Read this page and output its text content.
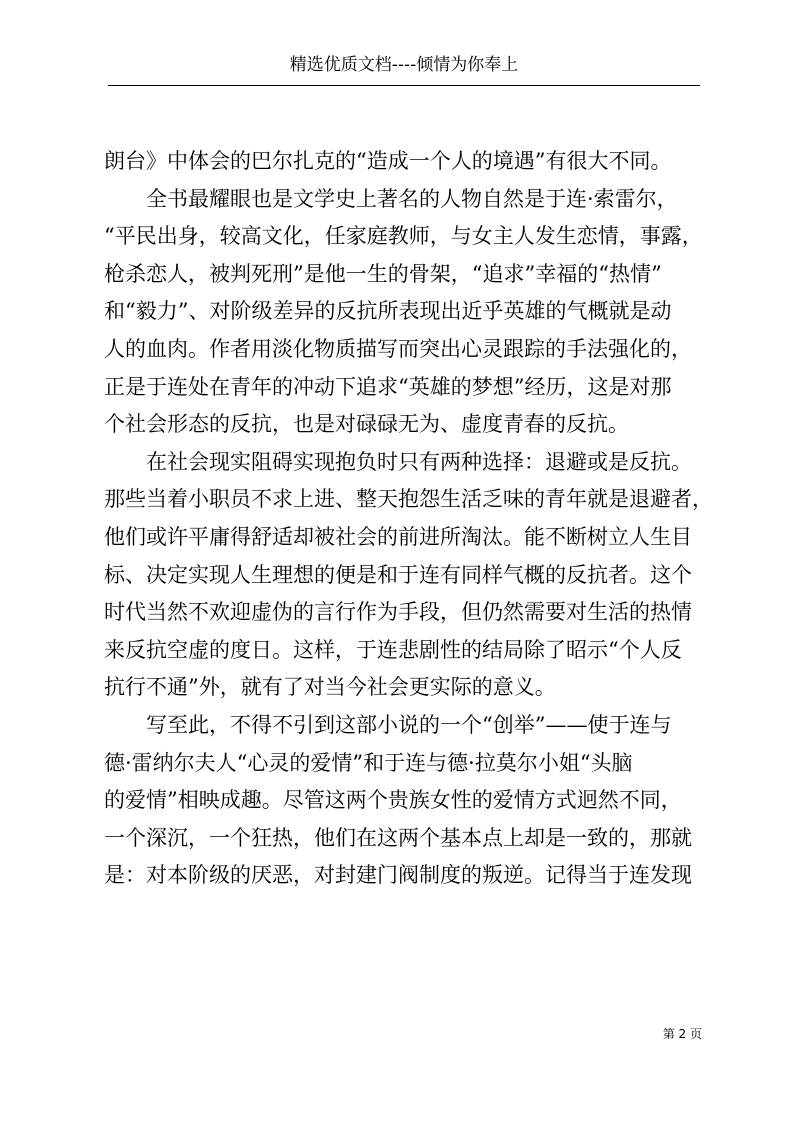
精选优质文档----倾情为你奉上
朗台》中体会的巴尔扎克的“造成一个人的境遇”有很大不同。
全书最耀眼也是文学史上著名的人物自然是于连·索雷尔，
“平民出身，较高文化，任家庭教师，与女主人发生恋情，事露，
枪杀恋人，被判死刑”是他一生的骨架，“追求”幸福的“热情”
和“毅力”、对阶级差异的反抗所表现出近乎英雄的气概就是动
人的血肉。作者用淡化物质描写而突出心灵跟踪的手法强化的，
正是于连处在青年的冲动下追求“英雄的梦想”经历，这是对那
个社会形态的反抗，也是对碌碌无为、虚度青春的反抗。
在社会现实阻碍实现抱负时只有两种选择：退避或是反抗。
那些当着小职员不求上进、整天抱怨生活乏味的青年就是退避者，
他们或许平庸得舒适却被社会的前进所淘汰。能不断树立人生目
标、决定实现人生理想的便是和于连有同样气概的反抗者。这个
时代当然不欢迎虚伪的言行作为手段，但仍然需要对生活的热情
来反抗空虚的度日。这样，于连悲剧性的结局除了昭示“个人反
抗行不通”外，就有了对当今社会更实际的意义。
写至此，不得不引到这部小说的一个“创举”——使于连与
德·雷纳尔夫人“心灵的爱情”和于连与德·拉莫尔小姐“头脑
的爱情”相映成趣。尽管这两个贵族女性的爱情方式迥然不同，
一个深沉，一个狂热，他们在这两个基本点上却是一致的，那就
是：对本阶级的厌恶，对封建门阀制度的叛逆。记得当于连发现
第 2 页
